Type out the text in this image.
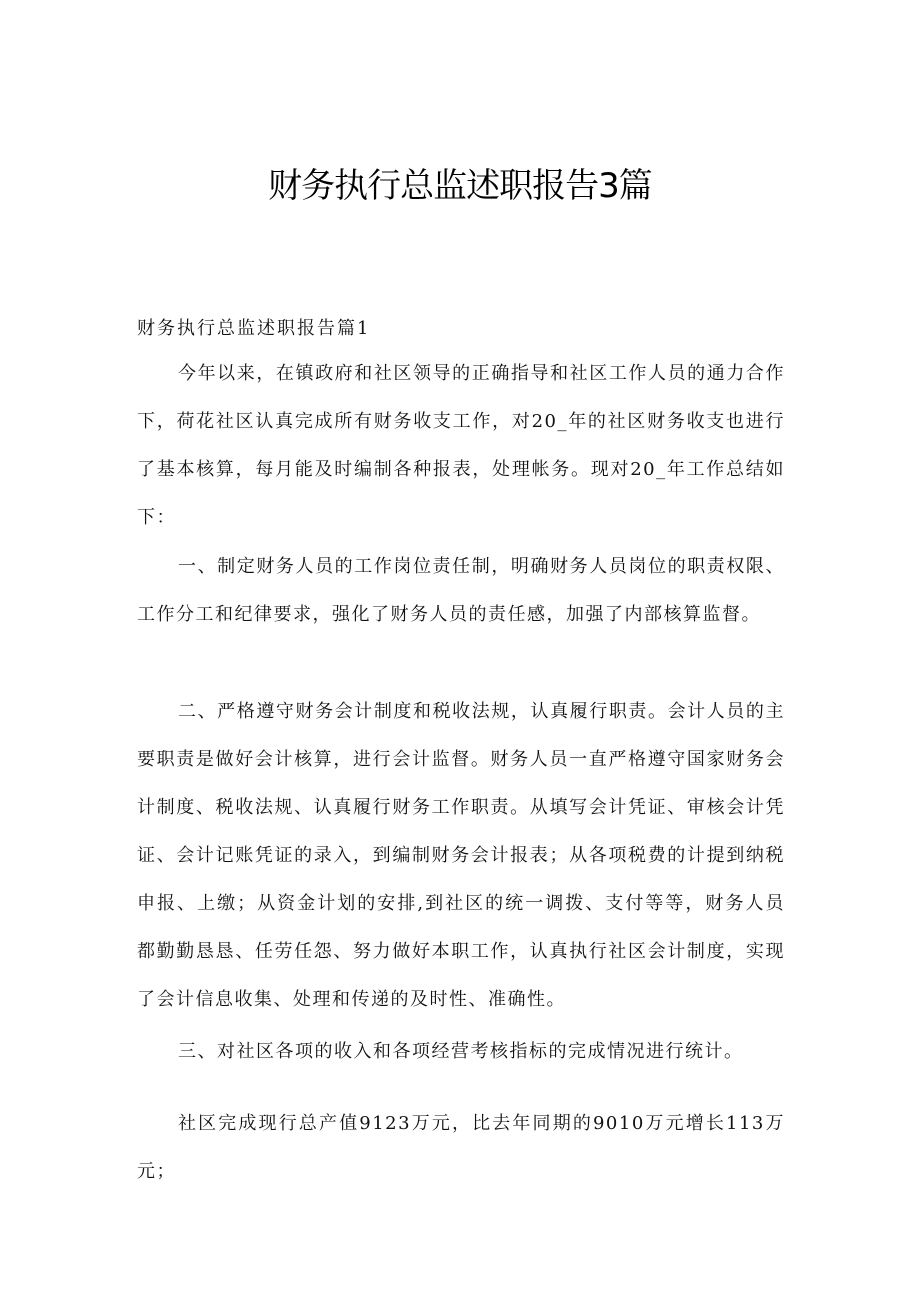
财务执行总监述职报告3篇
财务执行总监述职报告篇1

今年以来，在镇政府和社区领导的正确指导和社区工作人员的通力合作下，荷花社区认真完成所有财务收支工作，对20_年的社区财务收支也进行了基本核算，每月能及时编制各种报表，处理帐务。现对20_年工作总结如下：

一、制定财务人员的工作岗位责任制，明确财务人员岗位的职责权限、工作分工和纪律要求，强化了财务人员的责任感，加强了内部核算监督。

二、严格遵守财务会计制度和税收法规，认真履行职责。会计人员的主要职责是做好会计核算，进行会计监督。财务人员一直严格遵守国家财务会计制度、税收法规、认真履行财务工作职责。从填写会计凭证、审核会计凭证、会计记账凭证的录入，到编制财务会计报表；从各项税费的计提到纳税申报、上缴；从资金计划的安排,到社区的统一调拨、支付等等，财务人员都勤勤恳恳、任劳任怨、努力做好本职工作，认真执行社区会计制度，实现了会计信息收集、处理和传递的及时性、准确性。

三、对社区各项的收入和各项经营考核指标的完成情况进行统计。

社区完成现行总产值9123万元，比去年同期的9010万元增长113万元；
